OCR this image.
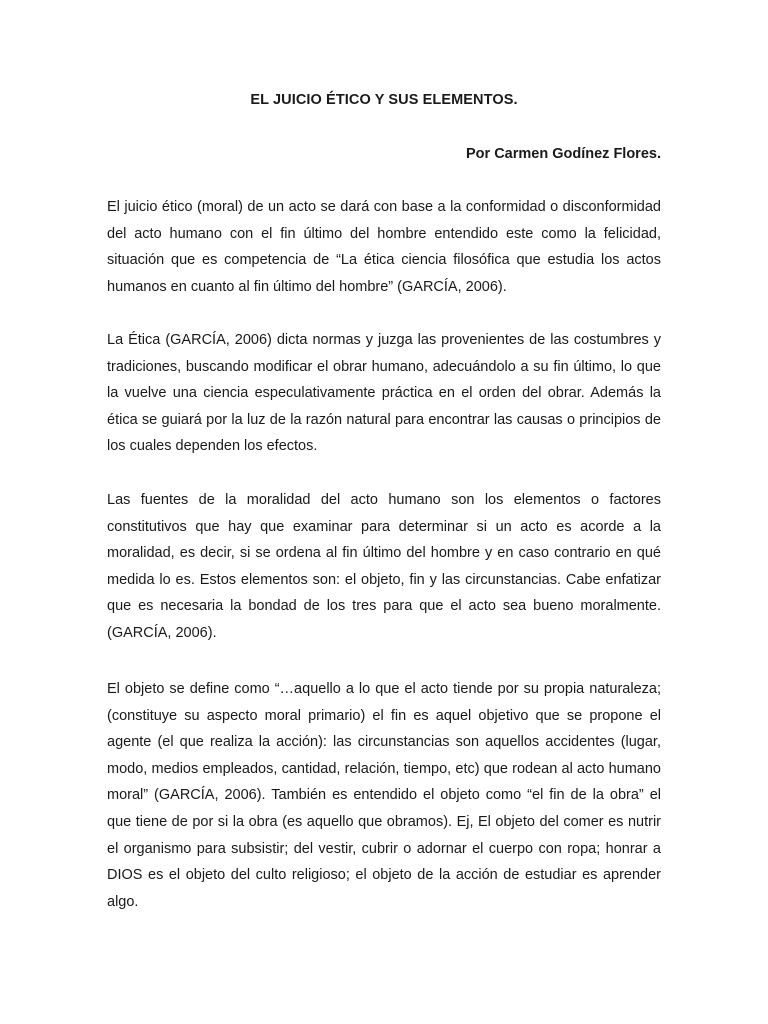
EL JUICIO ÉTICO Y SUS ELEMENTOS.

Por Carmen Godínez Flores.

El juicio ético (moral) de un acto se dará con base a la conformidad o disconformidad del acto humano con el fin último del hombre entendido este como la felicidad, situación que es competencia de “La ética ciencia filosófica que estudia los actos humanos en cuanto al fin último del hombre” (GARCÍA, 2006).

La Ética (GARCÍA, 2006) dicta normas y juzga las provenientes de las costumbres y tradiciones, buscando modificar el obrar humano, adecuándolo a su fin último, lo que la vuelve una ciencia especulativamente práctica en el orden del obrar. Además la ética se guiará por la luz de la razón natural para encontrar las causas o principios de los cuales dependen los efectos.

Las fuentes de la moralidad del acto humano son los elementos o factores constitutivos que hay que examinar para determinar si un acto es acorde a la moralidad, es decir, si se ordena al fin último del hombre y en caso contrario en qué medida lo es. Estos elementos son: el objeto, fin y las circunstancias. Cabe enfatizar que es necesaria la bondad de los tres para que el acto sea bueno moralmente. (GARCÍA, 2006).

El objeto se define como “…aquello a lo que el acto tiende por su propia naturaleza; (constituye su aspecto moral primario) el fin es aquel objetivo que se propone el agente (el que realiza la acción): las circunstancias son aquellos accidentes (lugar, modo, medios empleados, cantidad, relación, tiempo, etc) que rodean al acto humano moral” (GARCÍA, 2006). También es entendido el objeto como “el fin de la obra” el que tiene de por si la obra (es aquello que obramos). Ej, El objeto del comer es nutrir el organismo para subsistir; del vestir, cubrir o adornar el cuerpo con ropa; honrar a DIOS es el objeto del culto religioso; el objeto de la acción de estudiar es aprender algo.
